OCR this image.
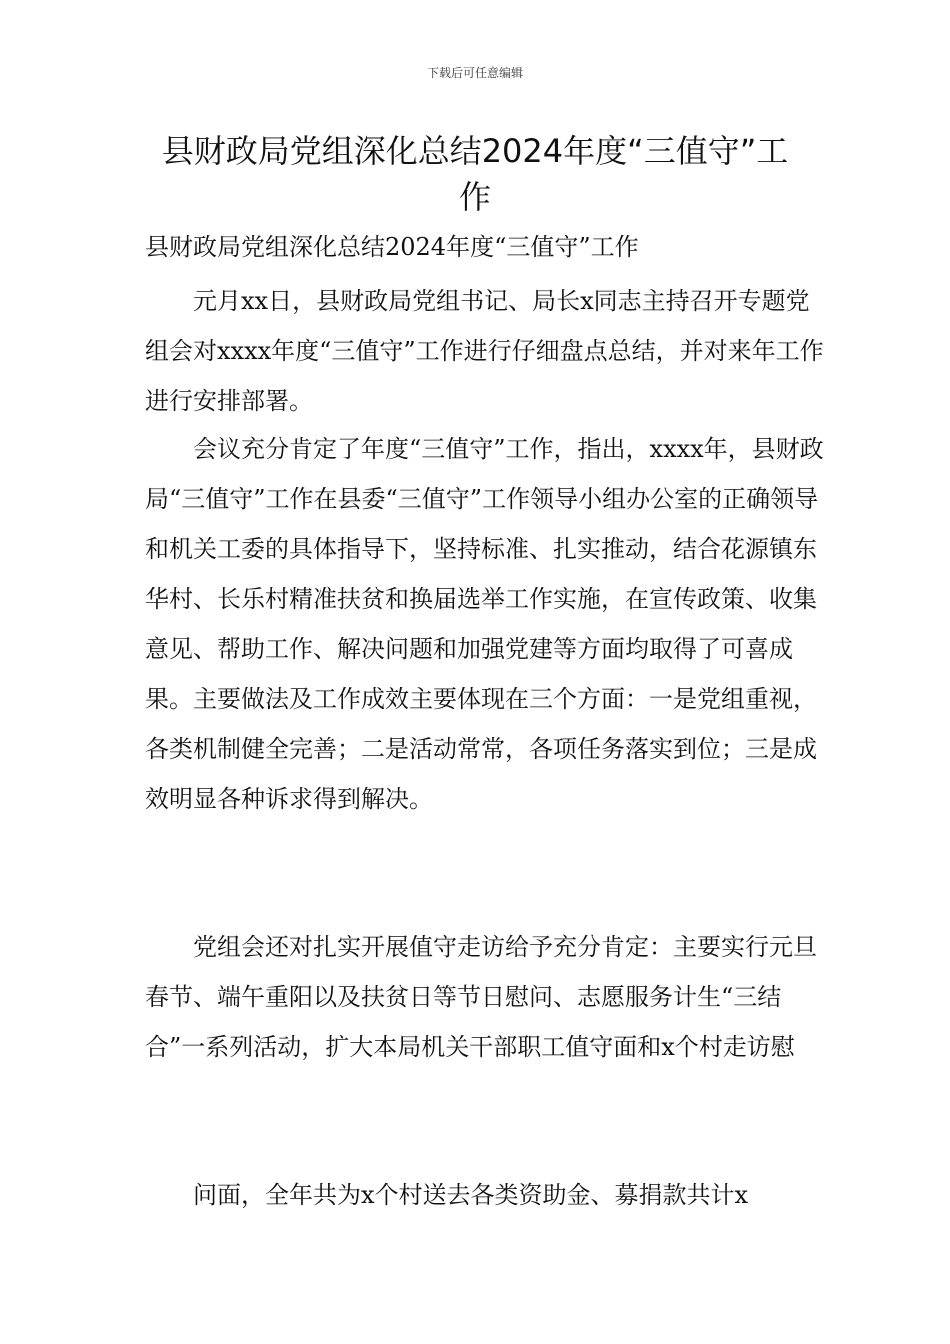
下载后可任意编辑
县财政局党组深化总结2024年度“三值守”工作
县财政局党组深化总结2024年度“三值守”工作

元月xx日，县财政局党组书记、局长x同志主持召开专题党组会对xxxx年度“三值守”工作进行仔细盘点总结，并对来年工作进行安排部署。

会议充分肯定了年度“三值守”工作，指出，xxxx年，县财政局“三值守”工作在县委“三值守”工作领导小组办公室的正确领导和机关工委的具体指导下，坚持标准、扎实推动，结合花源镇东华村、长乐村精准扶贫和换届选举工作实施，在宣传政策、收集意见、帮助工作、解决问题和加强党建等方面均取得了可喜成果。主要做法及工作成效主要体现在三个方面：一是党组重视，各类机制健全完善；二是活动常常，各项任务落实到位；三是成效明显各种诉求得到解决。

党组会还对扎实开展值守走访给予充分肯定：主要实行元旦春节、端午重阳以及扶贫日等节日慰问、志愿服务计生“三结合”一系列活动，扩大本局机关干部职工值守面和x个村走访慰

问面，全年共为x个村送去各类资助金、募捐款共计x
